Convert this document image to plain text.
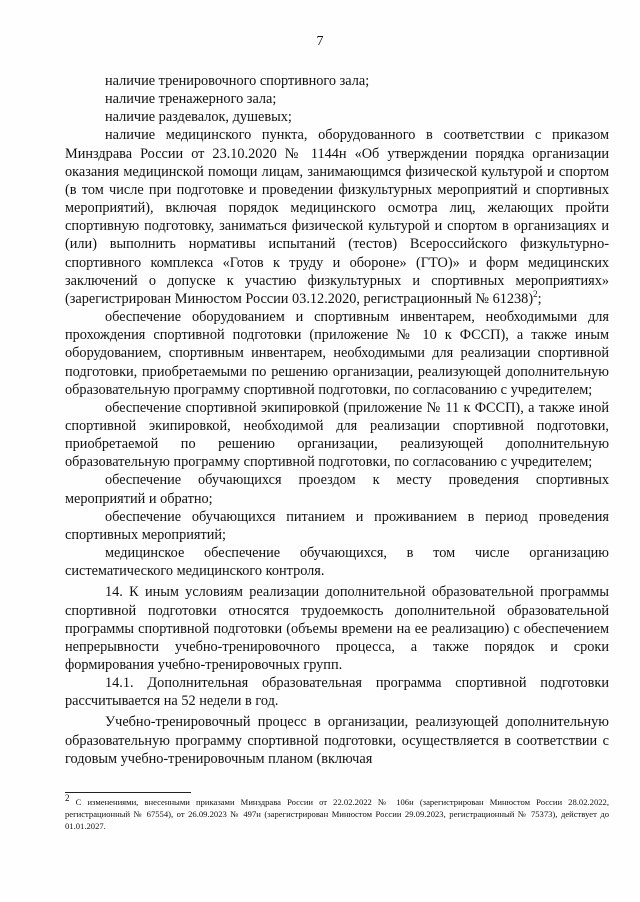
7

наличие тренировочного спортивного зала;

наличие тренажерного зала;

наличие раздевалок, душевых;

наличие медицинского пункта, оборудованного в соответствии с приказом Минздрава России от 23.10.2020 № 1144н «Об утверждении порядка организации оказания медицинской помощи лицам, занимающимся физической культурой и спортом (в том числе при подготовке и проведении физкультурных мероприятий и спортивных мероприятий), включая порядок медицинского осмотра лиц, желающих пройти спортивную подготовку, заниматься физической культурой и спортом в организациях и (или) выполнить нормативы испытаний (тестов) Всероссийского физкультурно-спортивного комплекса «Готов к труду и обороне» (ГТО)» и форм медицинских заключений о допуске к участию физкультурных и спортивных мероприятиях» (зарегистрирован Минюстом России 03.12.2020, регистрационный № 61238)$^2$;

обеспечение оборудованием и спортивным инвентарем, необходимыми для прохождения спортивной подготовки (приложение № 10 к ФССП), а также иным оборудованием, спортивным инвентарем, необходимыми для реализации спортивной подготовки, приобретаемыми по решению организации, реализующей дополнительную образовательную программу спортивной подготовки, по согласованию с учредителем;

обеспечение спортивной экипировкой (приложение № 11 к ФССП), а также иной спортивной экипировкой, необходимой для реализации спортивной подготовки, приобретаемой по решению организации, реализующей дополнительную образовательную программу спортивной подготовки, по согласованию с учредителем;

обеспечение обучающихся проездом к месту проведения спортивных мероприятий и обратно;

обеспечение обучающихся питанием и проживанием в период проведения спортивных мероприятий;

медицинское обеспечение обучающихся, в том числе организацию систематического медицинского контроля.

14. К иным условиям реализации дополнительной образовательной программы спортивной подготовки относятся трудоемкость дополнительной образовательной программы спортивной подготовки (объемы времени на ее реализацию) с обеспечением непрерывности учебно-тренировочного процесса, а также порядок и сроки формирования учебно-тренировочных групп.

14.1. Дополнительная образовательная программа спортивной подготовки рассчитывается на 52 недели в год.

Учебно-тренировочный процесс в организации, реализующей дополнительную образовательную программу спортивной подготовки, осуществляется в соответствии с годовым учебно-тренировочным планом (включая

$^2$ С изменениями, внесенными приказами Минздрава России от 22.02.2022 № 106н (зарегистрирован Минюстом России 28.02.2022, регистрационный № 67554), от 26.09.2023 № 497н (зарегистрирован Минюстом России 29.09.2023, регистрационный № 75373), действует до 01.01.2027.
